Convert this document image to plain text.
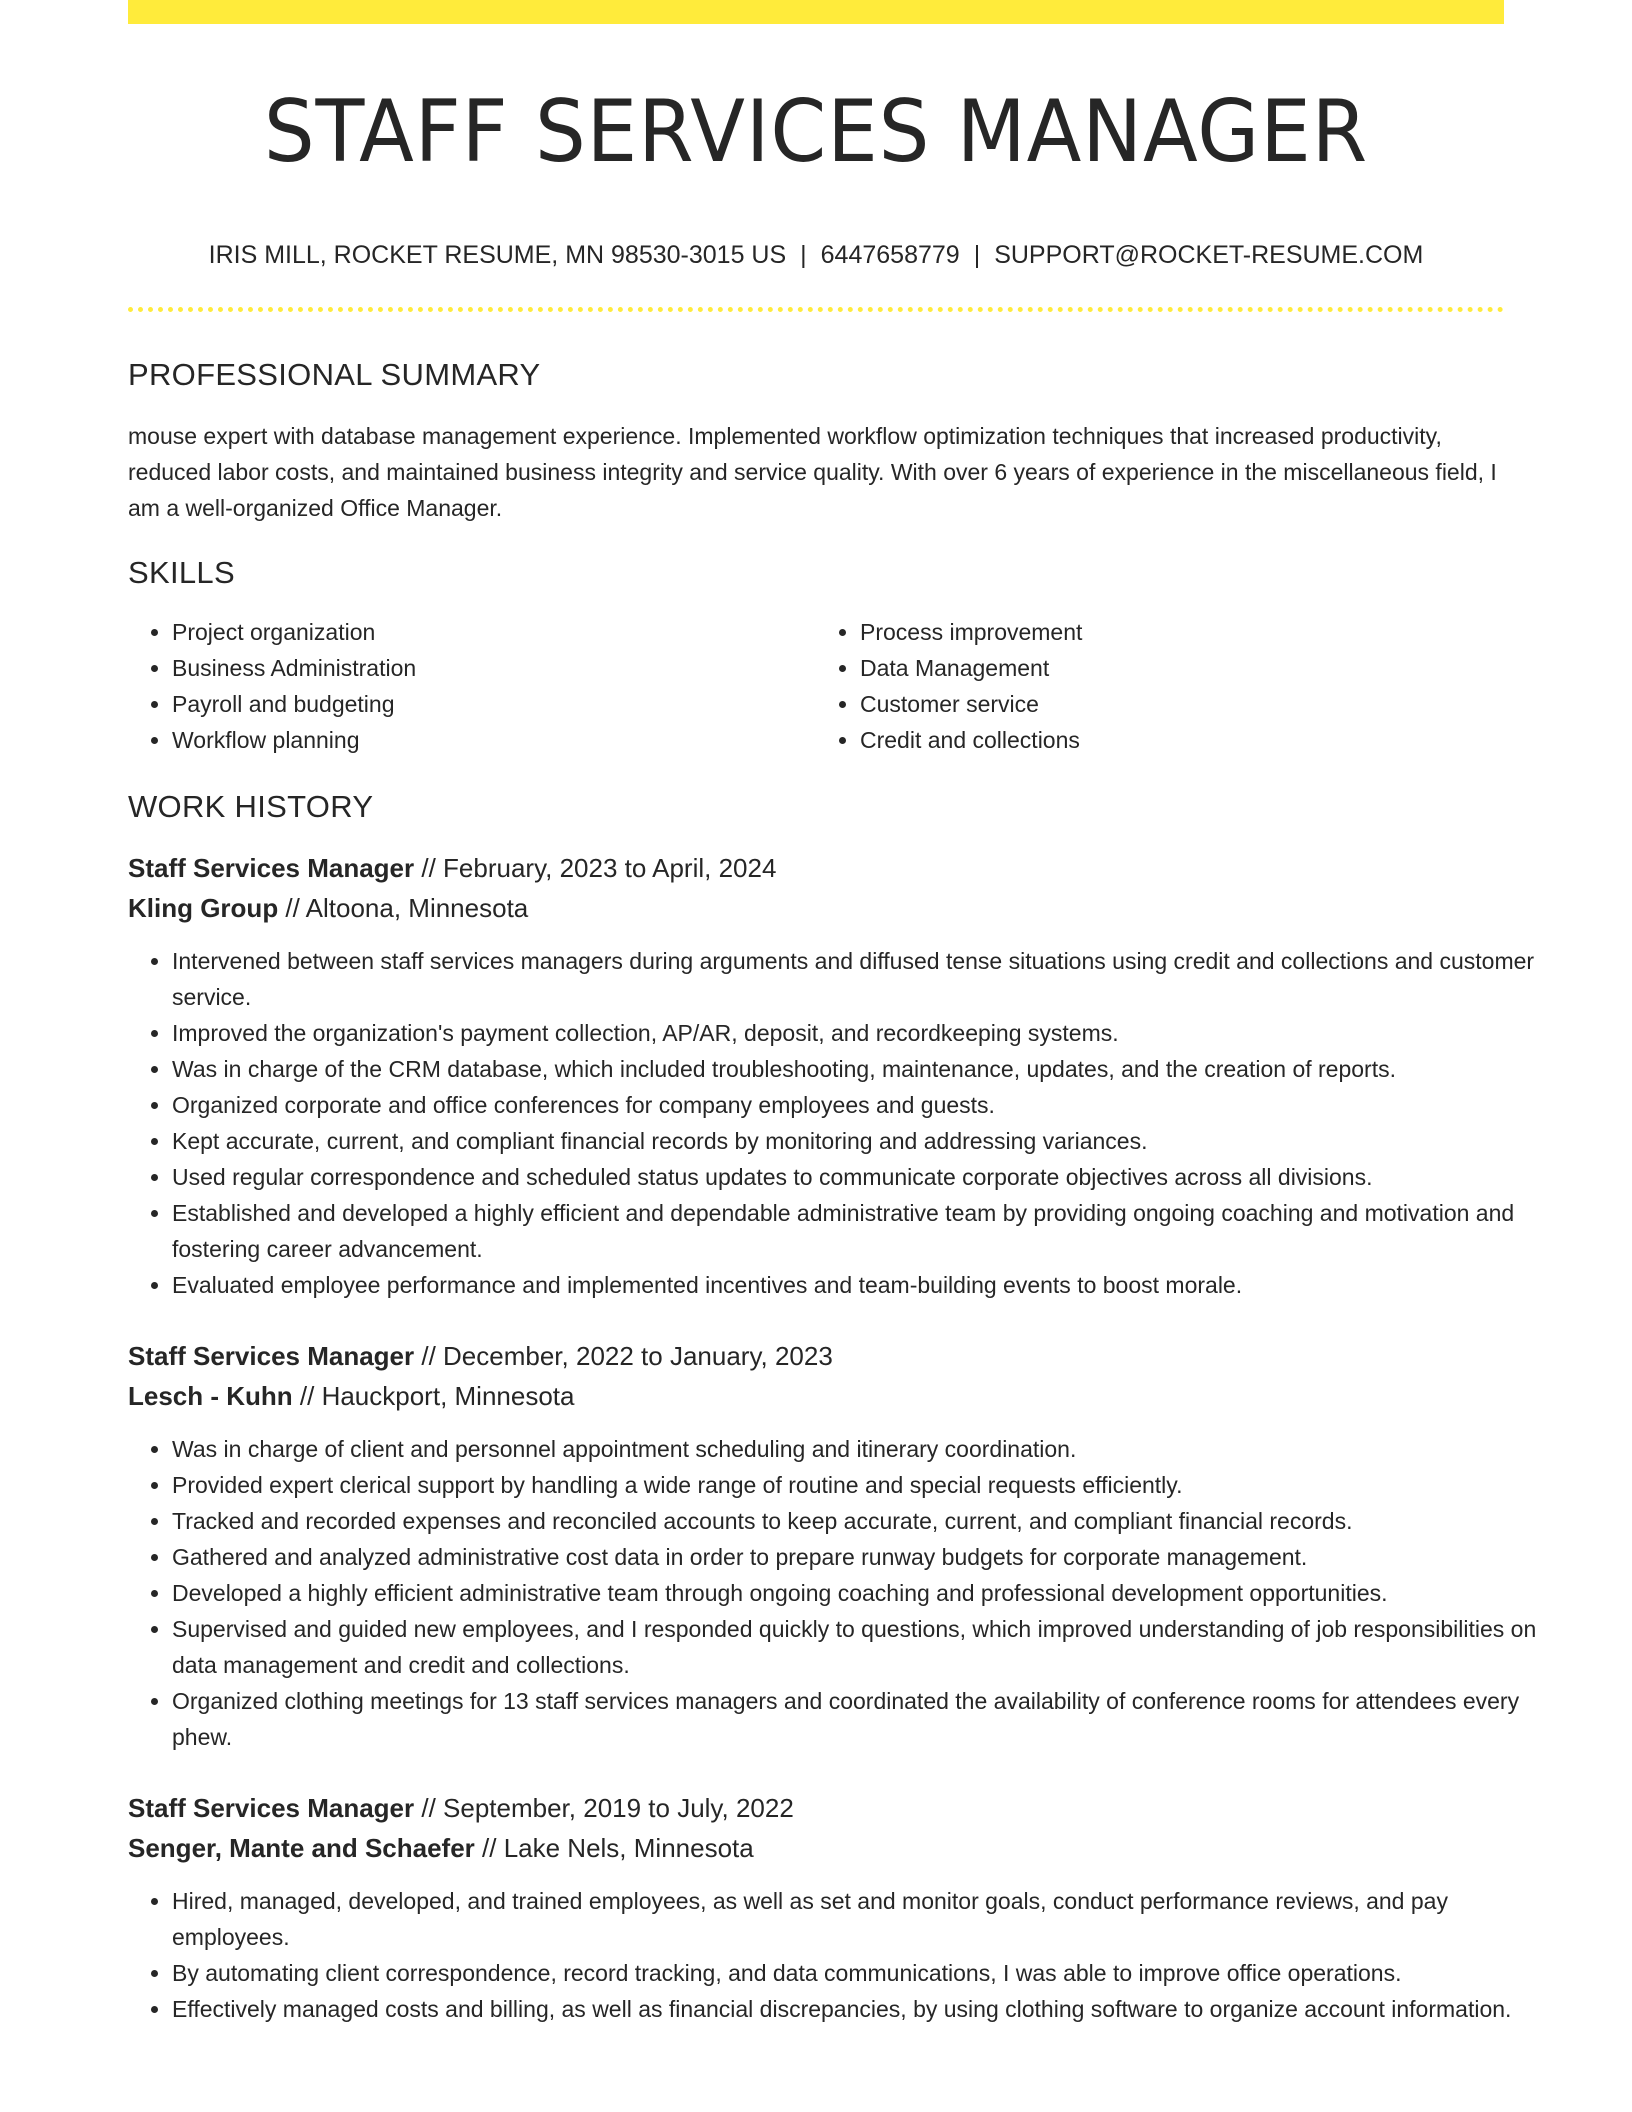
STAFF SERVICES MANAGER
IRIS MILL, ROCKET RESUME, MN 98530-3015 US | 6447658779 | SUPPORT@ROCKET-RESUME.COM
PROFESSIONAL SUMMARY

mouse expert with database management experience. Implemented workflow optimization techniques that increased productivity, reduced labor costs, and maintained business integrity and service quality. With over 6 years of experience in the miscellaneous field, I am a well-organized Office Manager.

SKILLS
• Project organization
• Business Administration
• Payroll and budgeting
• Workflow planning
• Process improvement
• Data Management
• Customer service
• Credit and collections
WORK HISTORY
Staff Services Manager // February, 2023 to April, 2024
Kling Group // Altoona, Minnesota
• Intervened between staff services managers during arguments and diffused tense situations using credit and collections and customer service.
• Improved the organization's payment collection, AP/AR, deposit, and recordkeeping systems.
• Was in charge of the CRM database, which included troubleshooting, maintenance, updates, and the creation of reports.
• Organized corporate and office conferences for company employees and guests.
• Kept accurate, current, and compliant financial records by monitoring and addressing variances.
• Used regular correspondence and scheduled status updates to communicate corporate objectives across all divisions.
• Established and developed a highly efficient and dependable administrative team by providing ongoing coaching and motivation and fostering career advancement.
• Evaluated employee performance and implemented incentives and team-building events to boost morale.
Staff Services Manager // December, 2022 to January, 2023
Lesch - Kuhn // Hauckport, Minnesota
• Was in charge of client and personnel appointment scheduling and itinerary coordination.
• Provided expert clerical support by handling a wide range of routine and special requests efficiently.
• Tracked and recorded expenses and reconciled accounts to keep accurate, current, and compliant financial records.
• Gathered and analyzed administrative cost data in order to prepare runway budgets for corporate management.
• Developed a highly efficient administrative team through ongoing coaching and professional development opportunities.
• Supervised and guided new employees, and I responded quickly to questions, which improved understanding of job responsibilities on data management and credit and collections.
• Organized clothing meetings for 13 staff services managers and coordinated the availability of conference rooms for attendees every phew.
Staff Services Manager // September, 2019 to July, 2022
Senger, Mante and Schaefer // Lake Nels, Minnesota
• Hired, managed, developed, and trained employees, as well as set and monitor goals, conduct performance reviews, and pay employees.
• By automating client correspondence, record tracking, and data communications, I was able to improve office operations.
• Effectively managed costs and billing, as well as financial discrepancies, by using clothing software to organize account information.
